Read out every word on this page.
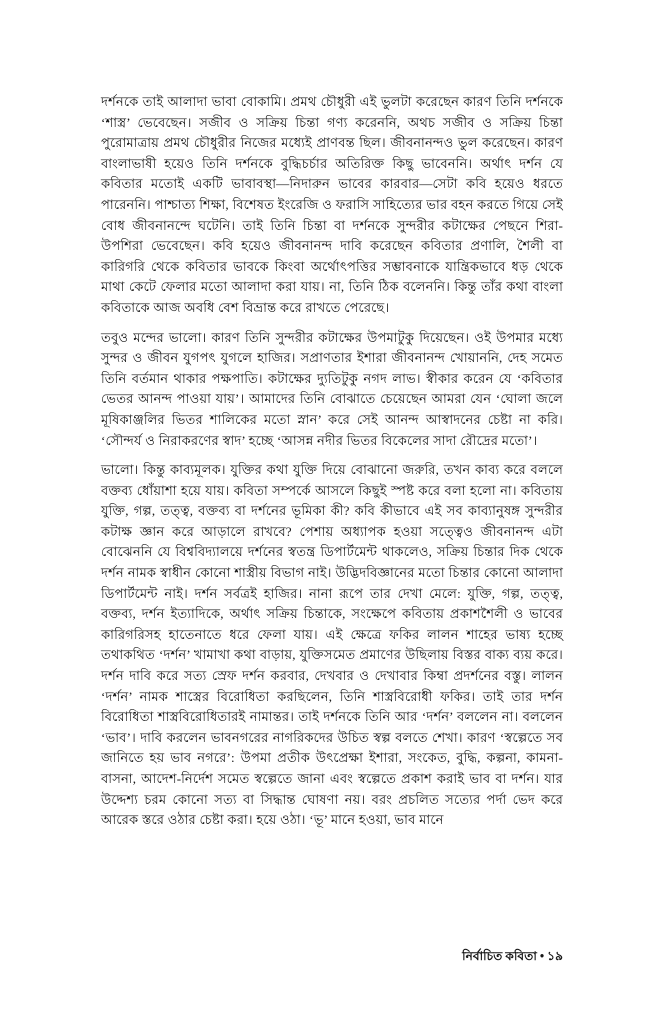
দর্শনকে তাই আলাদা ভাবা বোকামি। প্রমথ চৌধুরী এই ভুলটা করেছেন কারণ তিনি দর্শনকে ‘শাস্ত্র’ ভেবেছেন। সজীব ও সক্রিয় চিন্তা গণ্য করেননি, অথচ সজীব ও সক্রিয় চিন্তা পুরোমাত্রায় প্রমথ চৌধুরীর নিজের মধ্যেই প্রাণবন্ত ছিল। জীবনানন্দও ভুল করেছেন। কারণ বাংলাভাষী হয়েও তিনি দর্শনকে বুদ্ধিচর্চার অতিরিক্ত কিছু ভাবেননি। অর্থাৎ দর্শন যে কবিতার মতোই একটি ভাবাবস্থা—নিদারুন ভাবের কারবার—সেটা কবি হয়েও ধরতে পারেননি। পাশ্চাত্য শিক্ষা, বিশেষত ইংরেজি ও ফরাসি সাহিত্যের ভার বহন করতে গিয়ে সেই বোধ জীবনানন্দে ঘটেনি। তাই তিনি চিন্তা বা দর্শনকে সুন্দরীর কটাক্ষের পেছনে শিরা-উপশিরা ভেবেছেন। কবি হয়েও জীবনানন্দ দাবি করেছেন কবিতার প্রণালি, শৈলী বা কারিগরি থেকে কবিতার ভাবকে কিংবা অর্থোৎপত্তির সম্ভাবনাকে যান্ত্রিকভাবে ধড় থেকে মাথা কেটে ফেলার মতো আলাদা করা যায়। না, তিনি ঠিক বলেননি। কিন্তু তাঁর কথা বাংলা কবিতাকে আজ অবধি বেশ বিভ্রান্ত করে রাখতে পেরেছে।

তবুও মন্দের ভালো। কারণ তিনি সুন্দরীর কটাক্ষের উপমাটুকু দিয়েছেন। ওই উপমার মধ্যে সুন্দর ও জীবন যুগপৎ যুগলে হাজির। সপ্রাণতার ইশারা জীবনানন্দ খোয়াননি, দেহ সমেত তিনি বর্তমান থাকার পক্ষপাতি। কটাক্ষের দ্যুতিটুকু নগদ লাভ। স্বীকার করেন যে ‘কবিতার ভেতর আনন্দ পাওয়া যায়’। আমাদের তিনি বোঝাতে চেয়েছেন আমরা যেন ‘ঘোলা জলে মূষিকাঞ্জলির ভিতর শালিকের মতো স্নান’ করে সেই আনন্দ আস্বাদনের চেষ্টা না করি। ‘সৌন্দর্য ও নিরাকরণের স্বাদ’ হচ্ছে ‘আসন্ন নদীর ভিতর বিকেলের সাদা রৌদ্রের মতো’।

ভালো। কিন্তু কাব্যমূলক। যুক্তির কথা যুক্তি দিয়ে বোঝানো জরুরি, তখন কাব্য করে বললে বক্তব্য ধোঁয়াশা হয়ে যায়। কবিতা সম্পর্কে আসলে কিছুই স্পষ্ট করে বলা হলো না। কবিতায় যুক্তি, গল্প, তত্ত্ব, বক্তব্য বা দর্শনের ভূমিকা কী? কবি কীভাবে এই সব কাব্যানুষঙ্গ সুন্দরীর কটাক্ষ জ্ঞান করে আড়ালে রাখবে? পেশায় অধ্যাপক হওয়া সত্ত্বেও জীবনানন্দ এটা বোঝেননি যে বিশ্ববিদ্যালয়ে দর্শনের স্বতন্ত্র ডিপার্টমেন্ট থাকলেও, সক্রিয় চিন্তার দিক থেকে দর্শন নামক স্বাধীন কোনো শাস্ত্রীয় বিভাগ নাই। উদ্ভিদবিজ্ঞানের মতো চিন্তার কোনো আলাদা ডিপার্টমেন্ট নাই। দর্শন সর্বত্রই হাজির। নানা রূপে তার দেখা মেলে: যুক্তি, গল্প, তত্ত্ব, বক্তব্য, দর্শন ইত্যাদিকে, অর্থাৎ সক্রিয় চিন্তাকে, সংক্ষেপে কবিতায় প্রকাশশৈলী ও ভাবের কারিগরিসহ হাতেনাতে ধরে ফেলা যায়। এই ক্ষেত্রে ফকির লালন শাহের ভাষ্য হচ্ছে তথাকথিত ‘দর্শন’ খামাখা কথা বাড়ায়, যুক্তিসমেত প্রমাণের উছিলায় বিস্তর বাক্য ব্যয় করে। দর্শন দাবি করে সত্য স্রেফ দর্শন করবার, দেখবার ও দেখাবার কিম্বা প্রদর্শনের বস্তু। লালন ‘দর্শন’ নামক শাস্ত্রের বিরোধিতা করছিলেন, তিনি শাস্ত্রবিরোধী ফকির। তাই তার দর্শন বিরোধিতা শাস্ত্রবিরোধিতারই নামান্তর। তাই দর্শনকে তিনি আর ‘দর্শন’ বললেন না। বললেন ‘ভাব’। দাবি করলেন ভাবনগরের নাগরিকদের উচিত স্বল্প বলতে শেখা। কারণ ‘স্বল্পেতে সব জানিতে হয় ভাব নগরে’: উপমা প্রতীক উৎপ্রেক্ষা ইশারা, সংকেত, বুদ্ধি, কল্পনা, কামনা-বাসনা, আদেশ-নির্দেশ সমেত স্বল্পেতে জানা এবং স্বল্পেতে প্রকাশ করাই ভাব বা দর্শন। যার উদ্দেশ্য চরম কোনো সত্য বা সিদ্ধান্ত ঘোষণা নয়। বরং প্রচলিত সত্যের পর্দা ভেদ করে আরেক স্তরে ওঠার চেষ্টা করা। হয়ে ওঠা। ‘ভূ’ মানে হওয়া, ভাব মানে

নির্বাচিত কবিতা • ১৯
